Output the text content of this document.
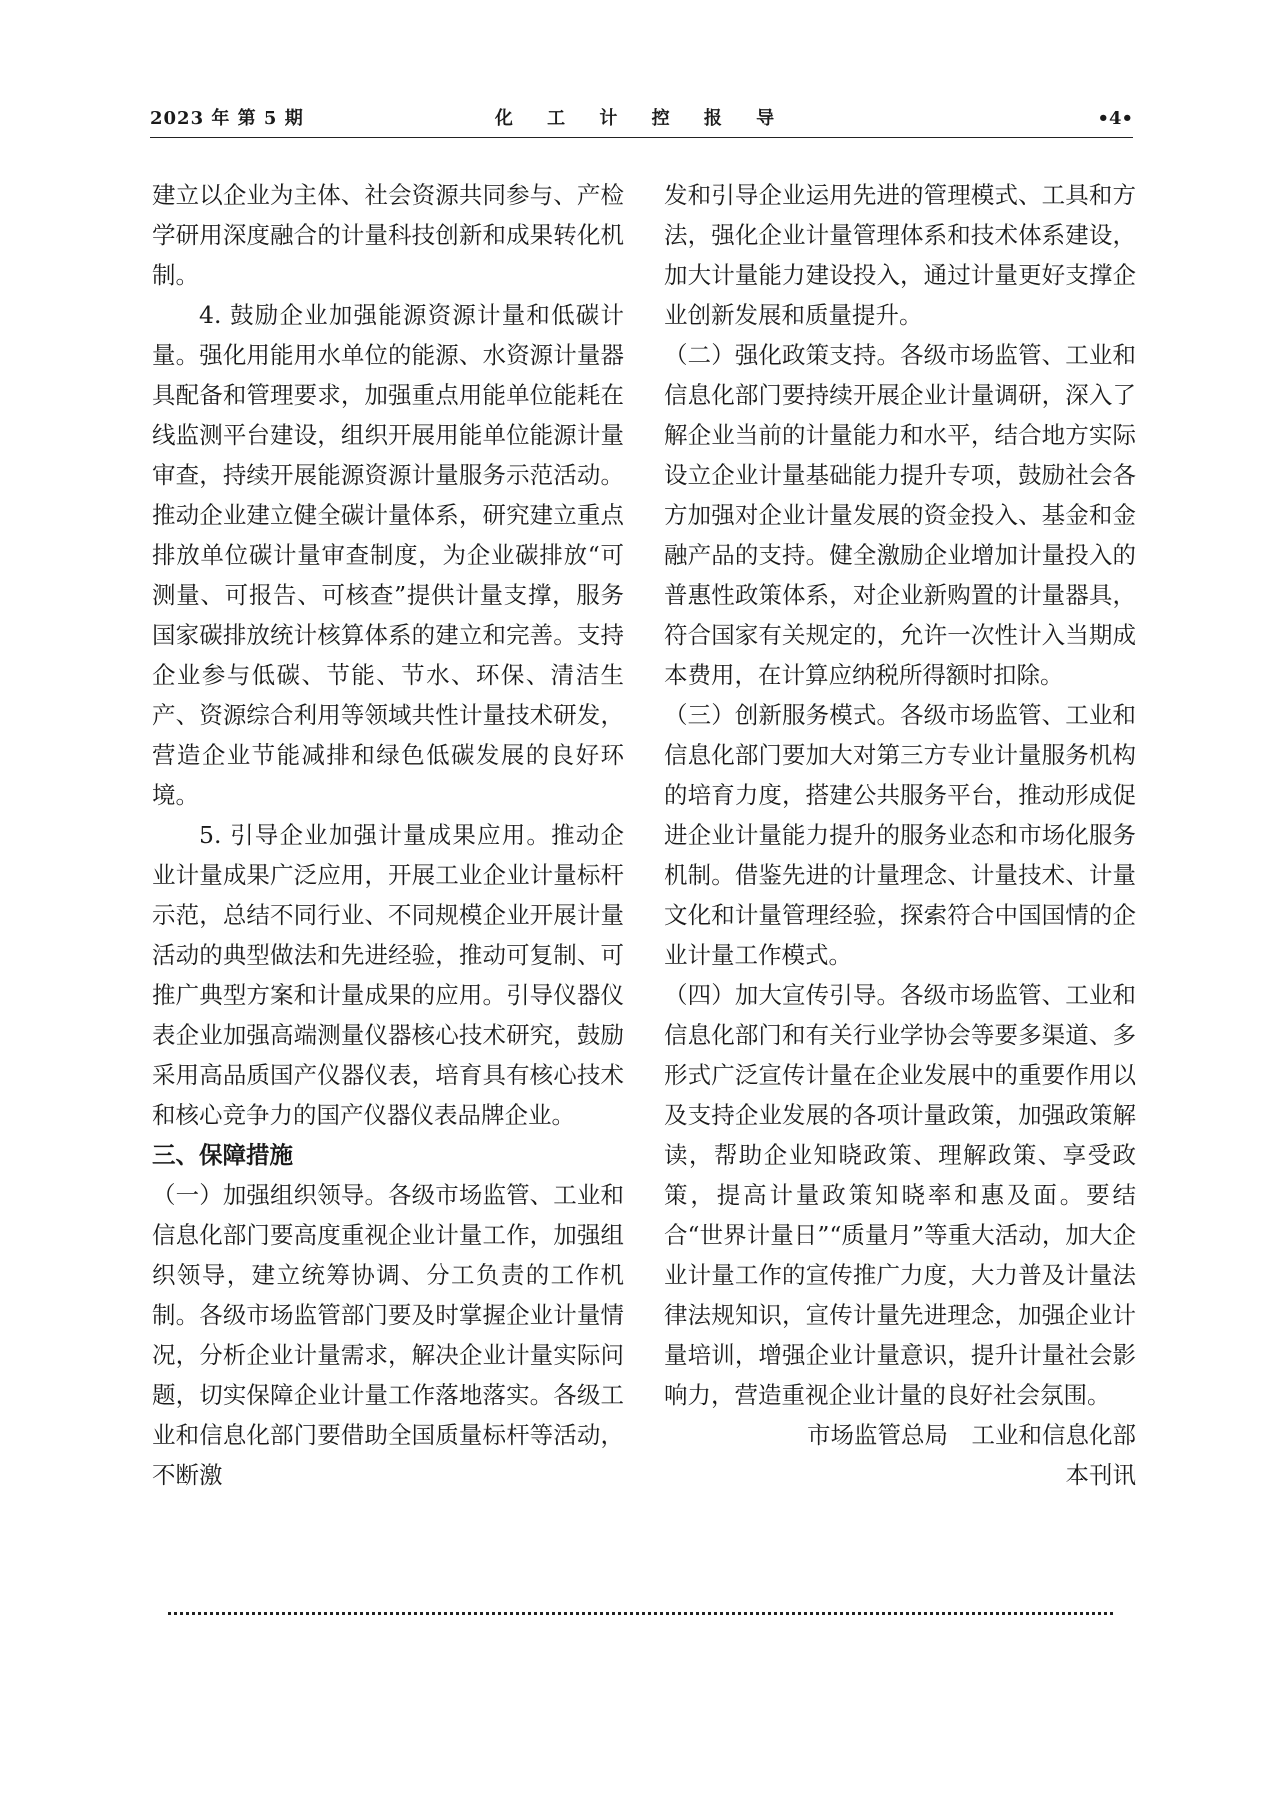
2023 年 第 5 期	化 工 计 控 报 导	•4•

建立以企业为主体、社会资源共同参与、产检学研用深度融合的计量科技创新和成果转化机制。

4. 鼓励企业加强能源资源计量和低碳计量。强化用能用水单位的能源、水资源计量器具配备和管理要求，加强重点用能单位能耗在线监测平台建设，组织开展用能单位能源计量审查，持续开展能源资源计量服务示范活动。推动企业建立健全碳计量体系，研究建立重点排放单位碳计量审查制度，为企业碳排放“可测量、可报告、可核查”提供计量支撑，服务国家碳排放统计核算体系的建立和完善。支持企业参与低碳、节能、节水、环保、清洁生产、资源综合利用等领域共性计量技术研发，营造企业节能减排和绿色低碳发展的良好环境。

5. 引导企业加强计量成果应用。推动企业计量成果广泛应用，开展工业企业计量标杆示范，总结不同行业、不同规模企业开展计量活动的典型做法和先进经验，推动可复制、可推广典型方案和计量成果的应用。引导仪器仪表企业加强高端测量仪器核心技术研究，鼓励采用高品质国产仪器仪表，培育具有核心技术和核心竞争力的国产仪器仪表品牌企业。

三、保障措施

（一）加强组织领导。各级市场监管、工业和信息化部门要高度重视企业计量工作，加强组织领导，建立统筹协调、分工负责的工作机制。各级市场监管部门要及时掌握企业计量情况，分析企业计量需求，解决企业计量实际问题，切实保障企业计量工作落地落实。各级工业和信息化部门要借助全国质量标杆等活动，不断激

发和引导企业运用先进的管理模式、工具和方法，强化企业计量管理体系和技术体系建设，加大计量能力建设投入，通过计量更好支撑企业创新发展和质量提升。

（二）强化政策支持。各级市场监管、工业和信息化部门要持续开展企业计量调研，深入了解企业当前的计量能力和水平，结合地方实际设立企业计量基础能力提升专项，鼓励社会各方加强对企业计量发展的资金投入、基金和金融产品的支持。健全激励企业增加计量投入的普惠性政策体系，对企业新购置的计量器具，符合国家有关规定的，允许一次性计入当期成本费用，在计算应纳税所得额时扣除。

（三）创新服务模式。各级市场监管、工业和信息化部门要加大对第三方专业计量服务机构的培育力度，搭建公共服务平台，推动形成促进企业计量能力提升的服务业态和市场化服务机制。借鉴先进的计量理念、计量技术、计量文化和计量管理经验，探索符合中国国情的企业计量工作模式。

（四）加大宣传引导。各级市场监管、工业和信息化部门和有关行业学协会等要多渠道、多形式广泛宣传计量在企业发展中的重要作用以及支持企业发展的各项计量政策，加强政策解读，帮助企业知晓政策、理解政策、享受政策，提高计量政策知晓率和惠及面。要结合“世界计量日”“质量月”等重大活动，加大企业计量工作的宣传推广力度，大力普及计量法律法规知识，宣传计量先进理念，加强企业计量培训，增强企业计量意识，提升计量社会影响力，营造重视企业计量的良好社会氛围。

市场监管总局　工业和信息化部

本刊讯
